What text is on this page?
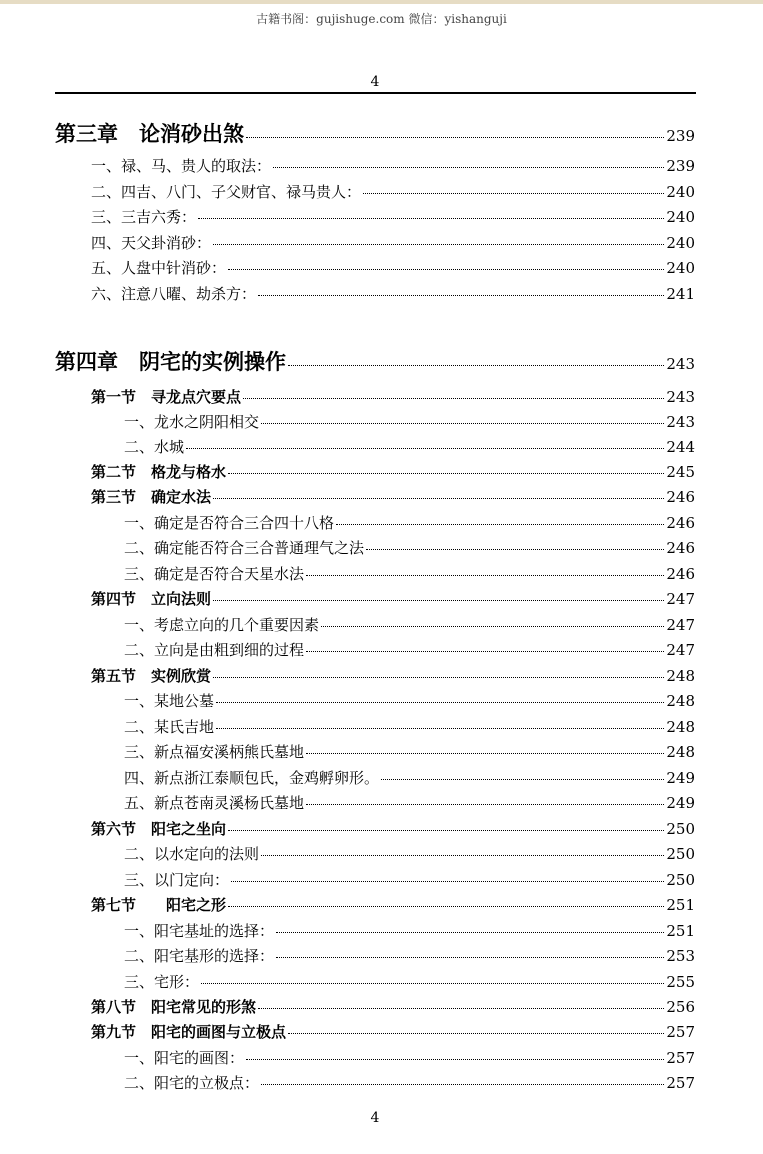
古籍书阁：gujishuge.com 微信：yishanguji
4
第三章　论消砂出煞	239
一、禄、马、贵人的取法：	239
二、四吉、八门、子父财官、禄马贵人：	240
三、三吉六秀：	240
四、天父卦消砂：	240
五、人盘中针消砂：	240
六、注意八曜、劫杀方：	241
第四章　阴宅的实例操作	243
第一节　寻龙点穴要点	243
一、龙水之阴阳相交	243
二、水城	244
第二节　格龙与格水	245
第三节　确定水法	246
一、确定是否符合三合四十八格	246
二、确定能否符合三合普通理气之法	246
三、确定是否符合天星水法	246
第四节　立向法则	247
一、考虑立向的几个重要因素	247
二、立向是由粗到细的过程	247
第五节　实例欣赏	248
一、某地公墓	248
二、某氏吉地	248
三、新点福安溪柄熊氏墓地	248
四、新点浙江泰顺包氏，金鸡孵卵形。	249
五、新点苍南灵溪杨氏墓地	249
第六节　阳宅之坐向	250
二、以水定向的法则	250
三、以门定向：	250
第七节　　阳宅之形	251
一、阳宅基址的选择：	251
二、阳宅基形的选择：	253
三、宅形：	255
第八节　阳宅常见的形煞	256
第九节　阳宅的画图与立极点	257
一、阳宅的画图：	257
二、阳宅的立极点：	257
4
